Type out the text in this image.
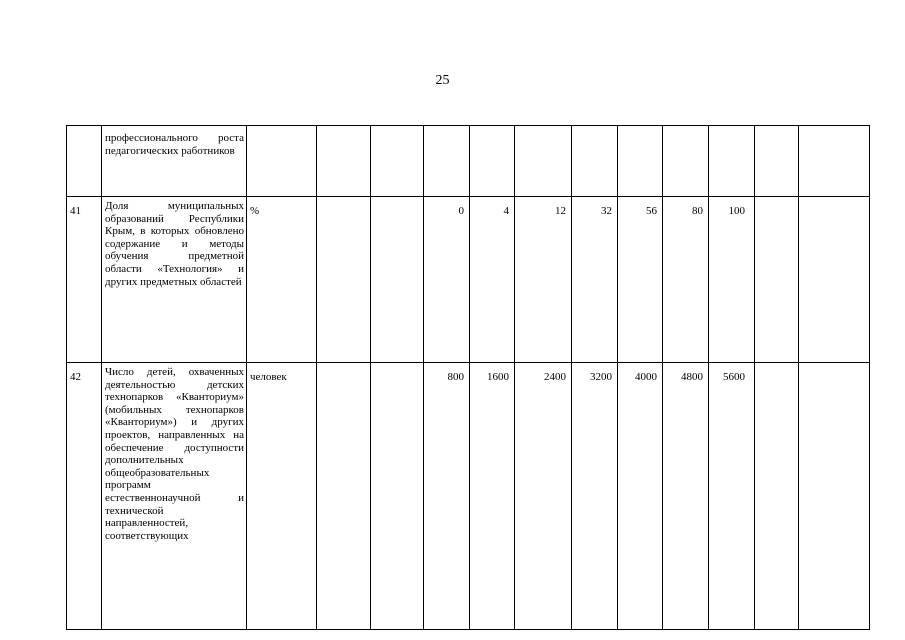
25
	профессионального роста педагогических работников												
41	Доля муниципальных образований Республики Крым, в которых обновлено содержание и методы обучения предметной области «Технология» и других предметных областей	%			0	4	12	32	56	80	100		
42	Число детей, охваченных деятельностью детских технопарков «Кванториум» (мобильных технопарков «Кванториум») и других проектов, направленных на обеспечение доступности дополнительных общеобразовательных программ естественнонаучной и технической направленностей, соответствующих	человек			800	1600	2400	3200	4000	4800	5600		
